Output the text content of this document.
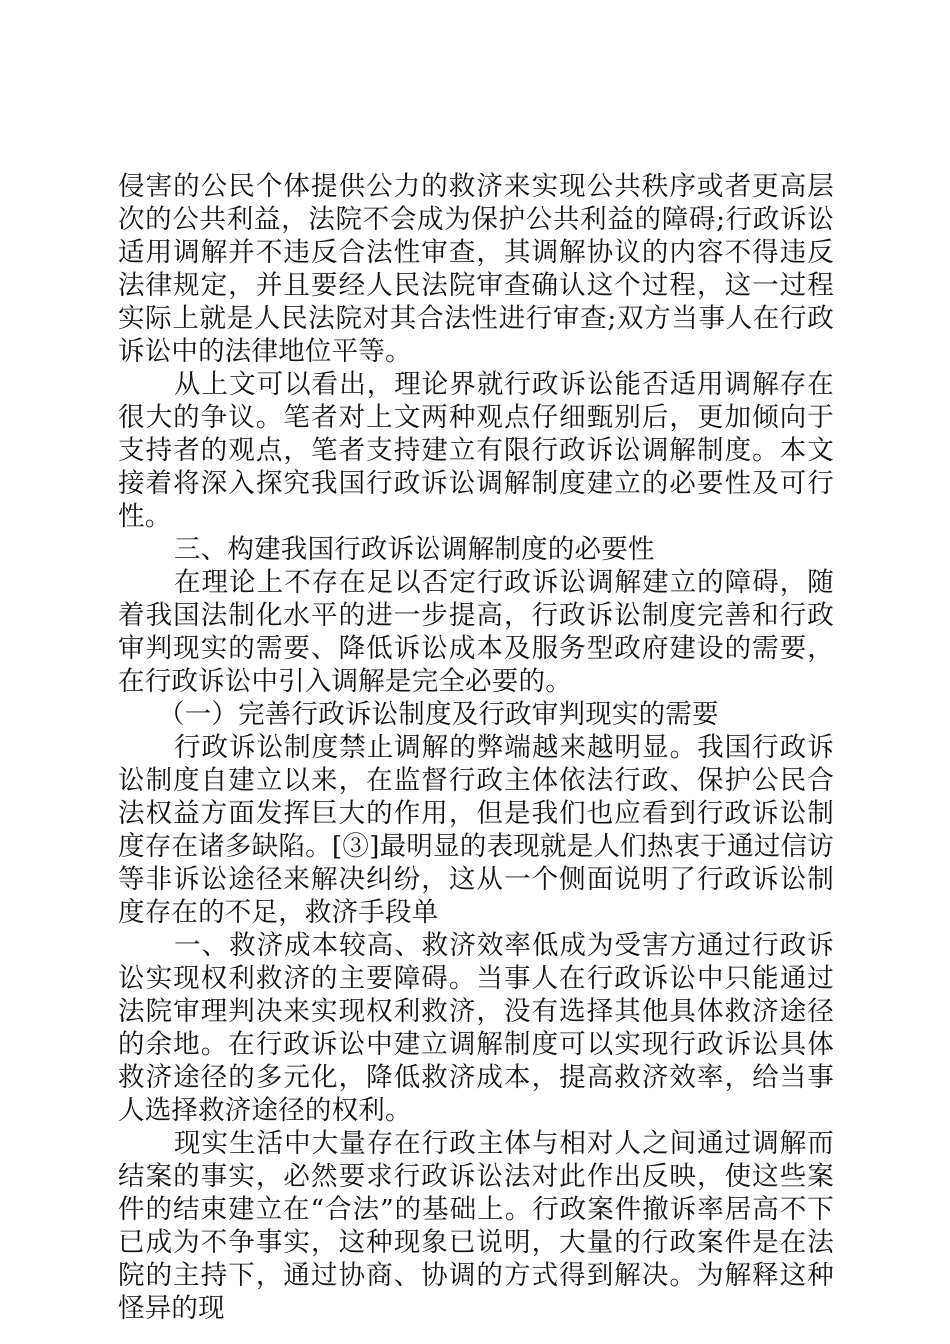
侵害的公民个体提供公力的救济来实现公共秩序或者更高层次的公共利益，法院不会成为保护公共利益的障碍;行政诉讼适用调解并不违反合法性审查，其调解协议的内容不得违反法律规定，并且要经人民法院审查确认这个过程，这一过程实际上就是人民法院对其合法性进行审查;双方当事人在行政诉讼中的法律地位平等。

从上文可以看出，理论界就行政诉讼能否适用调解存在很大的争议。笔者对上文两种观点仔细甄别后，更加倾向于支持者的观点，笔者支持建立有限行政诉讼调解制度。本文接着将深入探究我国行政诉讼调解制度建立的必要性及可行性。

三、构建我国行政诉讼调解制度的必要性

在理论上不存在足以否定行政诉讼调解建立的障碍，随着我国法制化水平的进一步提高，行政诉讼制度完善和行政审判现实的需要、降低诉讼成本及服务型政府建设的需要，在行政诉讼中引入调解是完全必要的。

（一）完善行政诉讼制度及行政审判现实的需要

行政诉讼制度禁止调解的弊端越来越明显。我国行政诉讼制度自建立以来，在监督行政主体依法行政、保护公民合法权益方面发挥巨大的作用，但是我们也应看到行政诉讼制度存在诸多缺陷。[③]最明显的表现就是人们热衷于通过信访等非诉讼途径来解决纠纷，这从一个侧面说明了行政诉讼制度存在的不足，救济手段单

一、救济成本较高、救济效率低成为受害方通过行政诉讼实现权利救济的主要障碍。当事人在行政诉讼中只能通过法院审理判决来实现权利救济，没有选择其他具体救济途径的余地。在行政诉讼中建立调解制度可以实现行政诉讼具体救济途径的多元化，降低救济成本，提高救济效率，给当事人选择救济途径的权利。

现实生活中大量存在行政主体与相对人之间通过调解而结案的事实，必然要求行政诉讼法对此作出反映，使这些案件的结束建立在“合法”的基础上。行政案件撤诉率居高不下已成为不争事实，这种现象已说明，大量的行政案件是在法院的主持下，通过协商、协调的方式得到解决。为解释这种怪异的现
